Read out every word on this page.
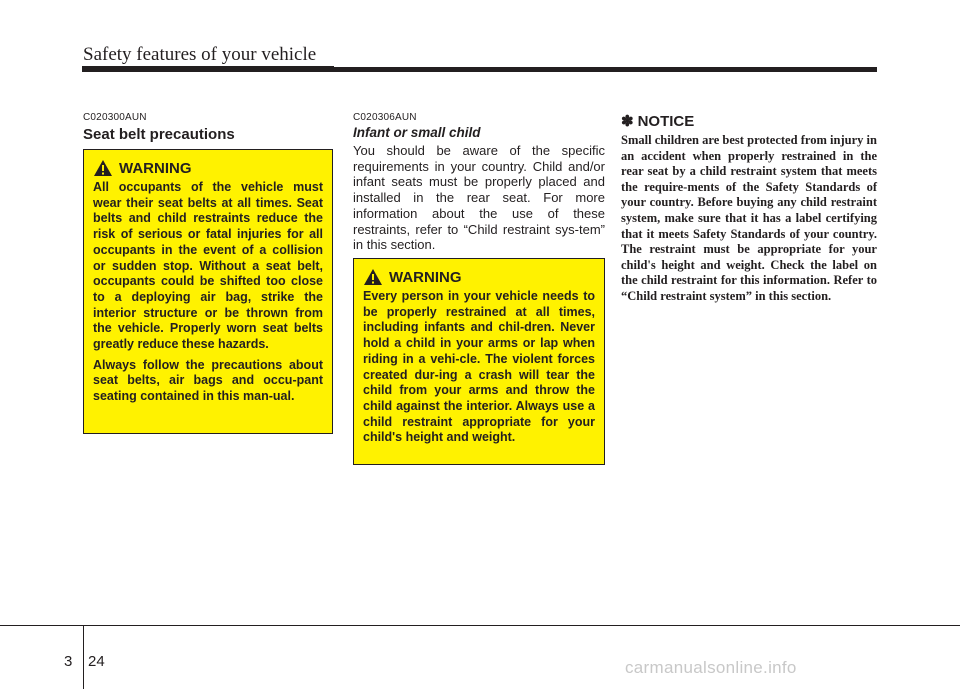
Safety features of your vehicle
C020300AUN
Seat belt precautions
WARNING

All occupants of the vehicle must wear their seat belts at all times. Seat belts and child restraints reduce the risk of serious or fatal injuries for all occupants in the event of a collision or sudden stop. Without a seat belt, occupants could be shifted too close to a deploying air bag, strike the interior structure or be thrown from the vehicle. Properly worn seat belts greatly reduce these hazards.

Always follow the precautions about seat belts, air bags and occu-pant seating contained in this man-ual.

C020306AUN
Infant or small child

You should be aware of the specific requirements in your country. Child and/or infant seats must be properly placed and installed in the rear seat. For more information about the use of these restraints, refer to “Child restraint sys-tem” in this section.

WARNING

Every person in your vehicle needs to be properly restrained at all times, including infants and chil-dren. Never hold a child in your arms or lap when riding in a vehi-cle. The violent forces created dur-ing a crash will tear the child from your arms and throw the child against the interior. Always use a child restraint appropriate for your child's height and weight.

✽ NOTICE

Small children are best protected from injury in an accident when properly restrained in the rear seat by a child restraint system that meets the require-ments of the Safety Standards of your country. Before buying any child restraint system, make sure that it has a label certifying that it meets Safety Standards of your country. The restraint must be appropriate for your child's height and weight. Check the label on the child restraint for this information. Refer to “Child restraint system” in this section.

3 24	carmanualsonline.info
